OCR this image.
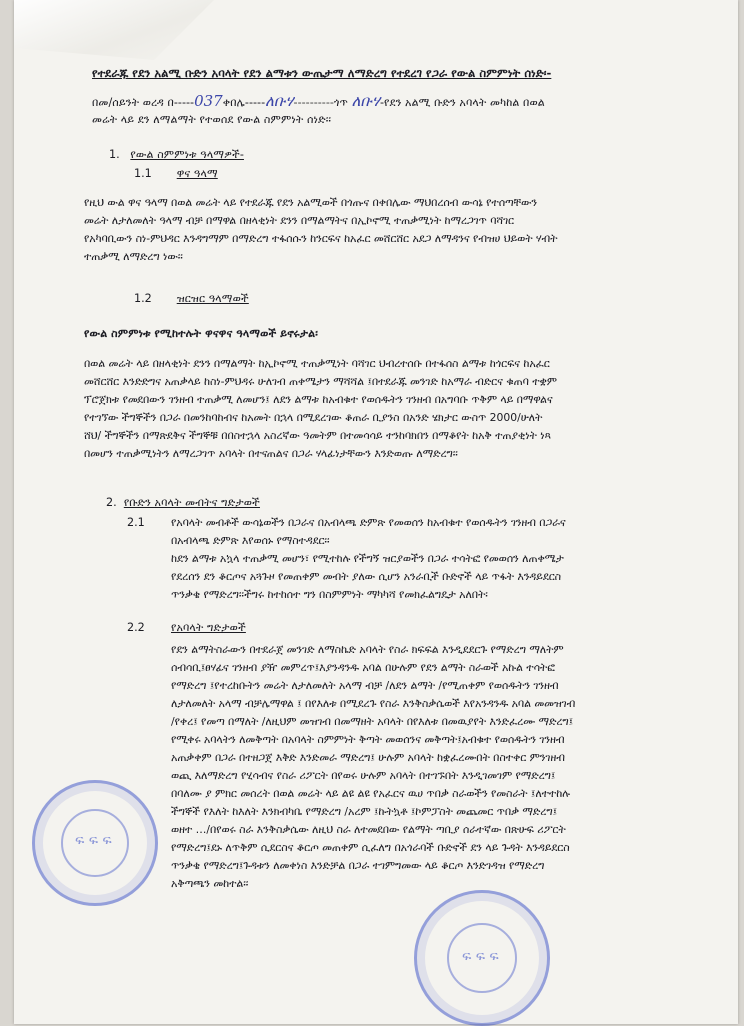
የተደራጁ የደን አልሚ ቡድን አባላት የደን ልማቱን ውጤታማ ለማድረግ የተደረገ የጋራ የውል ስምምነት ሰነድ፡-
በመ/ሰይንት ወረዳ በ-----037ቀበሌ-----ለቡሃ----------ጎጥ ለቡሃ-የደን አልሚ ቡድን አባላት መካከል በወል
መሬት ላይ ደን ለማልማት የተወሰደ የውል ስምምነት ሰነድ፡፡
1. የውል ስምምነቱ ዓላማዎች-
1.1 ዋና ዓላማ
የዚህ ውል ዋና ዓላማ በወል መሬት ላይ የተደራጁ የደን አልሚወች በጎጡና በቀበሌው ማህበረሰብ ውሳኔ የተሰጣቸውን
መሬት ለታለመለት ዓላማ ብቻ በማዋል በዘላቂነት ደንን በማልማትና በኢኮኖሚ ተጠቃሚነት ከማረጋገጥ ባሻገር
የአካባቢውን ስነ-ምህዳር እንዳግማም በማድረግ ተፋሰሱን ከንርፍና ከአፈር መሸርሸር አደጋ ለማዳንና የብዝሀ ህይወት ሃብት
ተጠቃሚ ለማድረግ ነው፡፡
1.2 ዝርዝር ዓላማወች
የውል ስምምነቱ የሚከተሉት ዋናዋና ዓላማወች ይኖሩታል፡
በወል መሬት ላይ በዘላቂነት ደንን በማልማት ከኢኮኖሚ ተጠቃሚነት ባሻገር ህብረተሰቡ በተፋሰስ ልማቱ ከጎርፍና ከአፈር
መሸርሸር እንድድግና አጠቃላይ ከስነ-ምህዳሩ ሁለገብ ጠቀሜታን ማሻሻል ፤በተደራጁ መንገድ ከአማራ ብድርና ቁጠባ ተቋም
ፕሮጀክቱ የመደበውን ገንዘብ ተጠቃሚ ለመሆን፤ ለደን ልማቱ ከአብቁተ የወሰዱትን ገንዘብ በአግባቡ ጥቅም ላይ በማዋልና
የተገኘው ችግኞችን በጋራ በመንከባከብና ከአመት በኋላ በሚደረገው ቆጠራ ቢያንስ በአንድ ሄክታር ውስጥ 2000/ሁለት
ሸህ/ ችግኞችን በማጽደቅና ችግኞቹ በበስተኋላ አስረኛው ዓመትም በተመሳሳይ ተንከባክበን በማቆየት ከአቅ ተጠያቂነት ነጻ
በመሆን ተጠቃሚነትን ለማረጋገጥ አባላት በተናጠልና በጋራ ሃላፊነታቸውን እንድወጡ ለማድረግ፡፡
2. የቡድን አባላት መብትና ግድታወች
2.1 የአባላት መብቶች ውሳኔወችን በጋራና በአብላጫ ድምጽ የመወሰን ከአብቁተ የወሰዱትን ገንዘብ በጋራና
በአብላጫ ድምጽ እየወሰኑ የማስተዳደር፡፡
ከደን ልማቱ አኳላ ተጠቃሚ መሆን፣ የሚተከሉ የችግኝ ዝርያወችን በጋራ ተሳትፎ የመወሰን ለጠቀሜታ
የደረሰን ደን ቆርጦና አጓጉዞ የመጠቀም መብት ያለው ሲሆን አንራቢች ቡድኖች ላይ ጥፋት እንዳይደርስ
ጥንቃቄ የማድረግ፡፡ችግሩ ከተከሰተ ግን በስምምነት ማካካሻ የመክፈልግዴታ አለበት፡
2.2 የአባላት ግድታወች
የደን ልማትስራውን በተደራጀ መንገድ ለማስኬድ አባላት የስራ ክፍፍል እንዲደደርጉ የማድረግ ማለትም
ሰብሳቢ፤ፀሃፊና ገንዘብ ያዥ መምረጥ፤እያንዳንዱ አባል በሁሉም የደን ልማት ስራወች አኩል ተሳትፎ
የማድረግ ፤የተረከቡትን መሬት ለታለመለት አላማ ብቻ /ለደን ልማት /የሚጠቀም የወሰዱትን ገንዘብ
ለታለመለት አላማ ብቻሌማዋል ፤ በየእለቱ በሚደረጉ የስራ እንቅስቃሴወች እየአንዳንዱ አባል መመዝገብ
/የቀረ፤ የመጣ በማለት /ለዚህም መዝገብ በመማዘት አባላት በየእለቱ በመዉያየት እንድፈረሙ ማድረግ፤
የሚቀሩ አባላትን ለመቅጣት በአባላት ስምምነት ቅጣት መወሰንና መቅጣት፤አብቁተ የወሰዱትን ገንዘብ
አጠቃቀም በጋራ በተዘጋጀ እቅድ እንድመራ ማድረግ፤ ሁሉም አባላት ከቋፈረሙበት በስተቀር ምንገዘብ
ወጪ እለማድረግ የሂሳብና የስራ ሪፖርት በየወሩ ሁሉም አባላት በተገኙበት እንዲገመገም የማድረግ፤
በባለሙ ያ ምክር መሰረት በወል መሬት ላይ ልዩ ልዩ የአፈርና ዉሀ ጥበቃ ስራወችን የመስራት ፤ለተተከሉ
ችግኞች የእለት ከእለት እንክብካቤ የማድረግ /አረም ፤ኩትኳቶ ፤ኮምፓስት መጨመር ጥበቃ ማድረግ፤
ወዘተ …/በየወሩ ስራ እንቅስቃሴው ለዚህ ስራ ለተመደበው የልማት ጣቢያ ሰራተኛው በጽሁፍ ሪፖርት
የማድረግ፤ደኑ ለጥቅም ሲደርስና ቆርጦ መጠቀም ሲፈለግ በአጎራባች ቡድኖች ደን ላይ ጉዳት እንዳይደርስ
ጥንቃቄ የማድረግ፤ጉዳቱን ለመቀነስ እንድቻል በጋራ ተገምግመው ላይ ቆርጦ እንድገዳዝ የማድረግ
አቅጣጫን መከተል፡፡
ፍ ፍ ፍ
ፍ ፍ ፍ
